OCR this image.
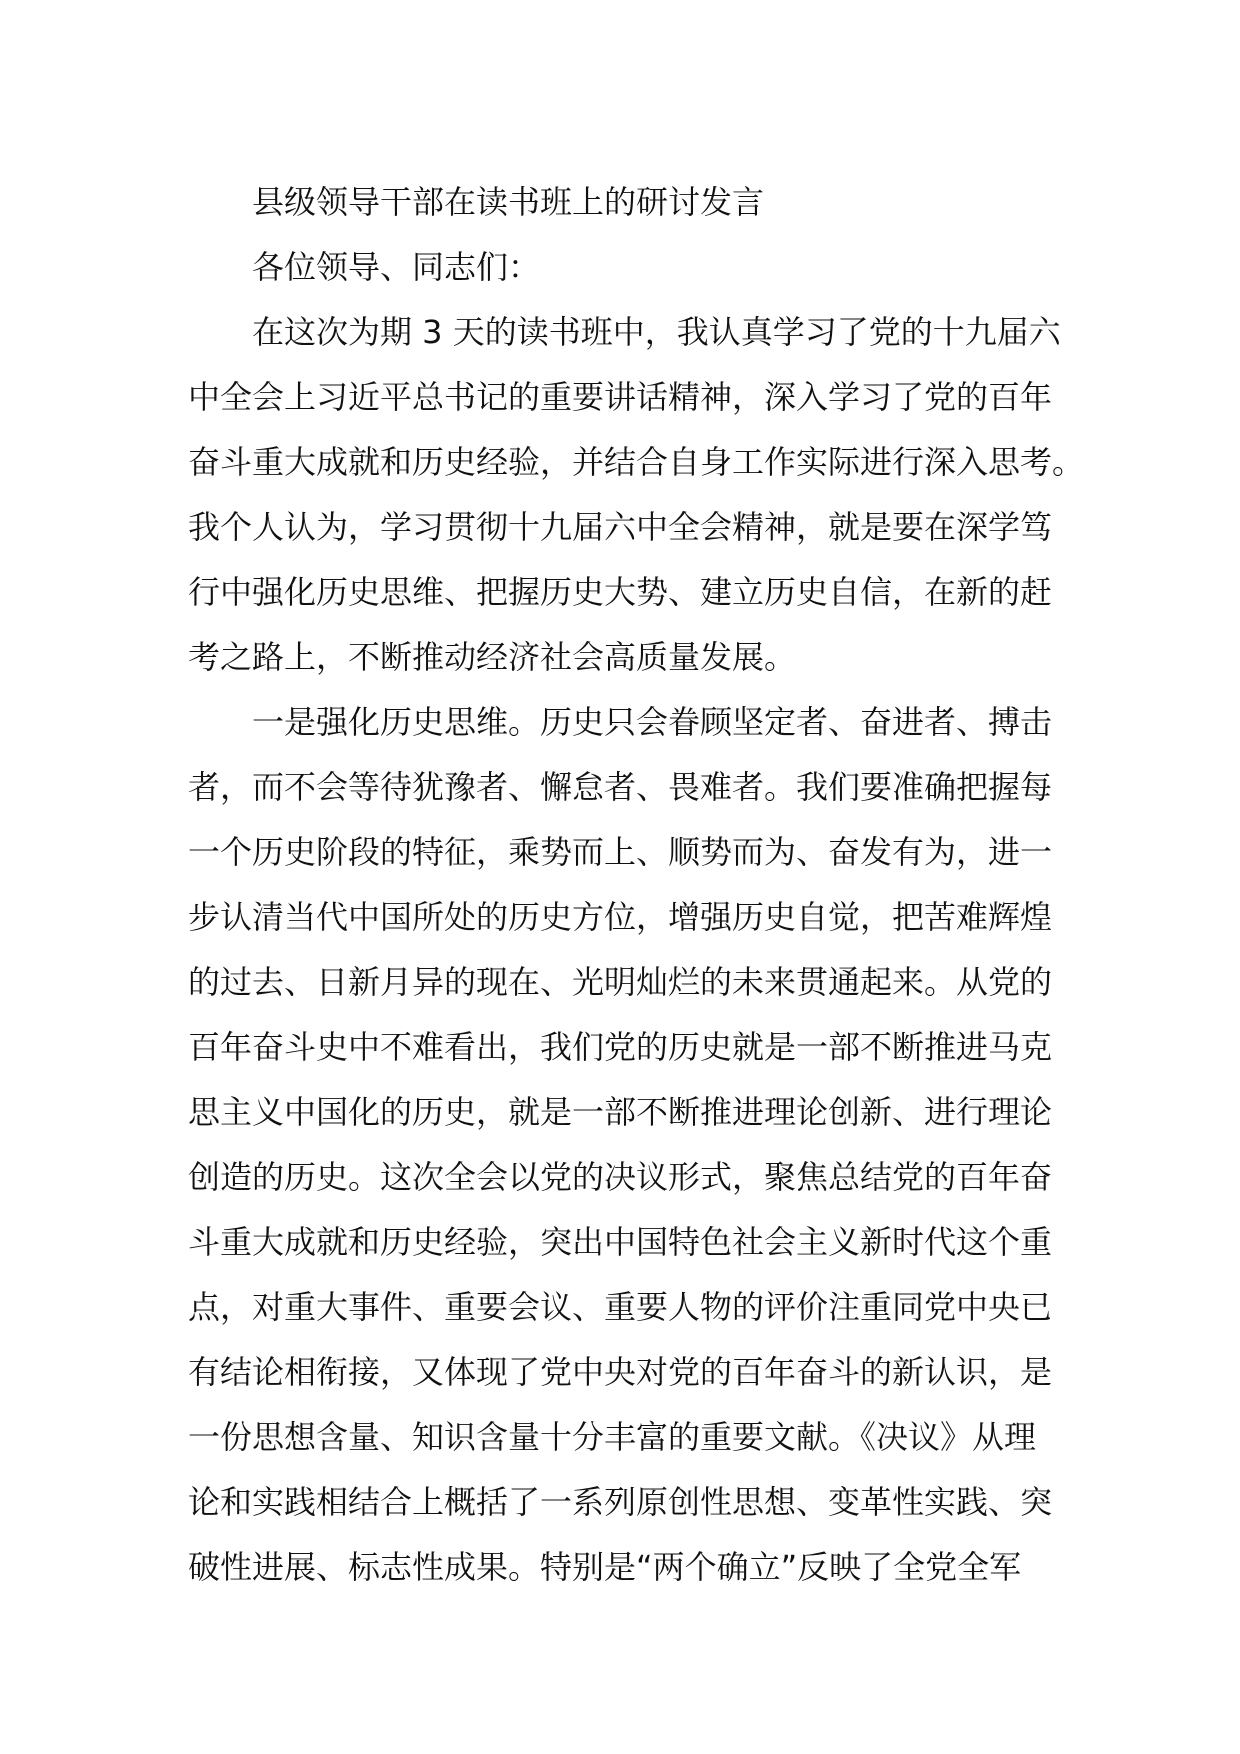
县级领导干部在读书班上的研讨发言
各位领导、同志们：
在这次为期 3 天的读书班中，我认真学习了党的十九届六
中全会上习近平总书记的重要讲话精神，深入学习了党的百年
奋斗重大成就和历史经验，并结合自身工作实际进行深入思考。
我个人认为，学习贯彻十九届六中全会精神，就是要在深学笃
行中强化历史思维、把握历史大势、建立历史自信，在新的赶
考之路上，不断推动经济社会高质量发展。
一是强化历史思维。历史只会眷顾坚定者、奋进者、搏击
者，而不会等待犹豫者、懈怠者、畏难者。我们要准确把握每
一个历史阶段的特征，乘势而上、顺势而为、奋发有为，进一
步认清当代中国所处的历史方位，增强历史自觉，把苦难辉煌
的过去、日新月异的现在、光明灿烂的未来贯通起来。从党的
百年奋斗史中不难看出，我们党的历史就是一部不断推进马克
思主义中国化的历史，就是一部不断推进理论创新、进行理论
创造的历史。这次全会以党的决议形式，聚焦总结党的百年奋
斗重大成就和历史经验，突出中国特色社会主义新时代这个重
点，对重大事件、重要会议、重要人物的评价注重同党中央已
有结论相衔接，又体现了党中央对党的百年奋斗的新认识，是
一份思想含量、知识含量十分丰富的重要文献。《决议》从理
论和实践相结合上概括了一系列原创性思想、变革性实践、突
破性进展、标志性成果。特别是“两个确立”反映了全党全军
